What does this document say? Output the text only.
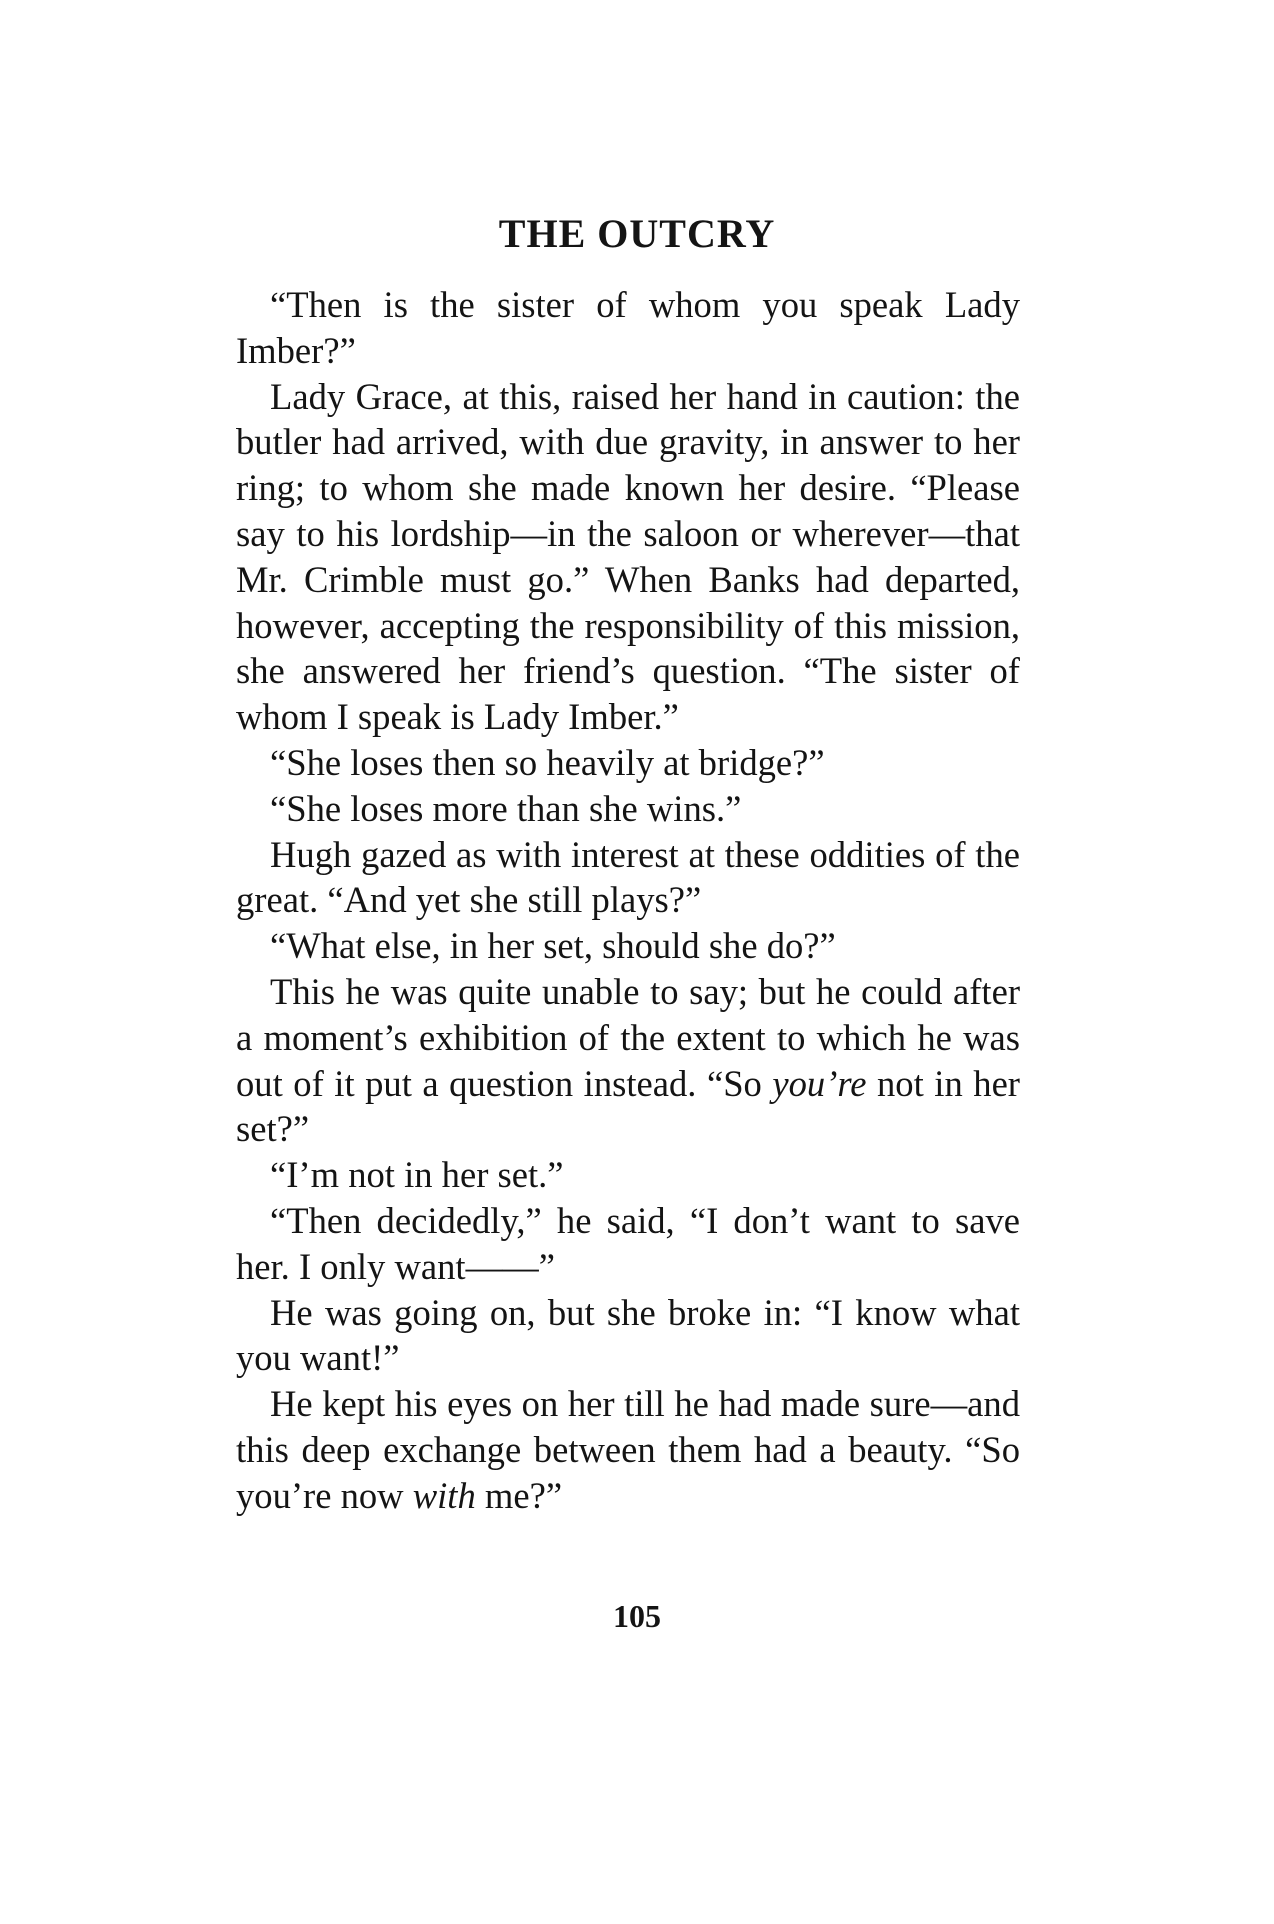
THE OUTCRY

“Then is the sister of whom you speak Lady Imber?”

Lady Grace, at this, raised her hand in caution: the butler had arrived, with due gravity, in answer to her ring; to whom she made known her desire. “Please say to his lordship—in the saloon or wherever—that Mr. Crimble must go.” When Banks had departed, however, accepting the responsibility of this mission, she answered her friend’s question. “The sister of whom I speak is Lady Imber.”

“She loses then so heavily at bridge?”

“She loses more than she wins.”

Hugh gazed as with interest at these oddities of the great. “And yet she still plays?”

“What else, in her set, should she do?”

This he was quite unable to say; but he could after a moment’s exhibition of the extent to which he was out of it put a question instead. “So you’re not in her set?”

“I’m not in her set.”

“Then decidedly,” he said, “I don’t want to save her. I only want——”

He was going on, but she broke in: “I know what you want!”

He kept his eyes on her till he had made sure—and this deep exchange between them had a beauty. “So you’re now with me?”

105
